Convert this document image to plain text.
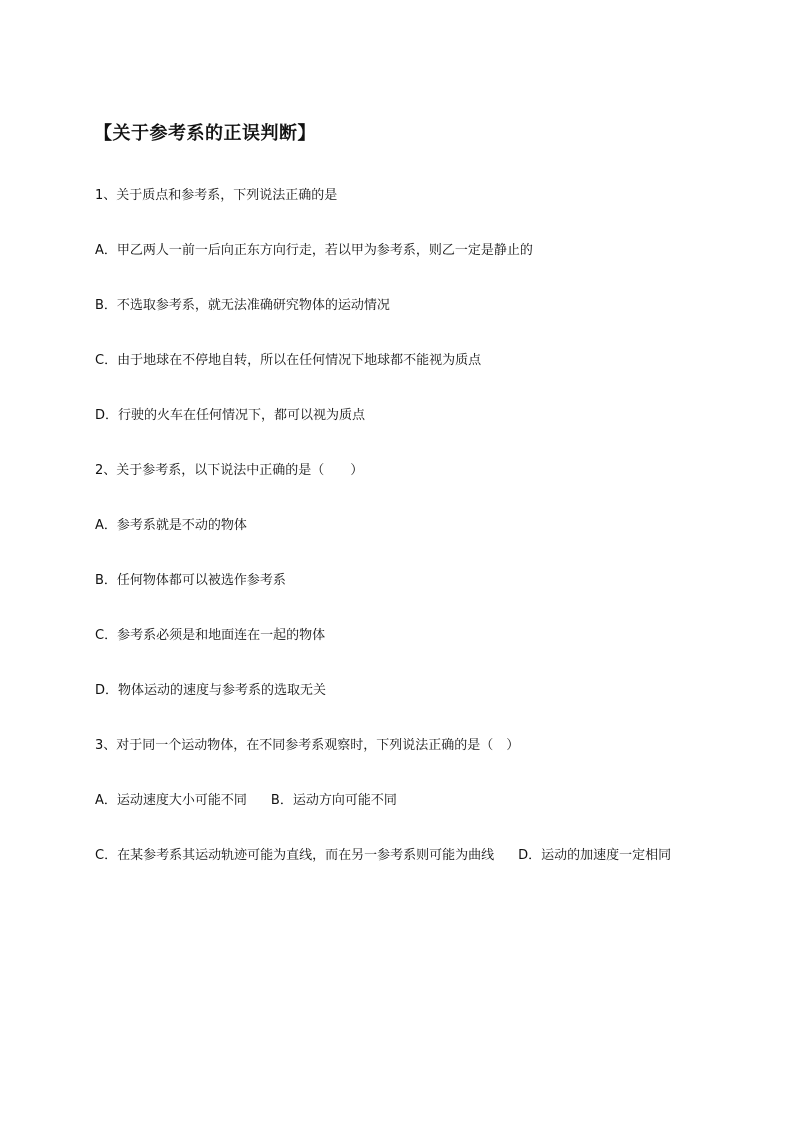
【关于参考系的正误判断】
1、关于质点和参考系，下列说法正确的是
A．甲乙两人一前一后向正东方向行走，若以甲为参考系，则乙一定是静止的
B．不选取参考系，就无法准确研究物体的运动情况
C．由于地球在不停地自转，所以在任何情况下地球都不能视为质点
D．行驶的火车在任何情况下，都可以视为质点
2、关于参考系，以下说法中正确的是（　　）
A．参考系就是不动的物体
B．任何物体都可以被选作参考系
C．参考系必须是和地面连在一起的物体
D．物体运动的速度与参考系的选取无关
3、对于同一个运动物体，在不同参考系观察时，下列说法正确的是（　）
A．运动速度大小可能不同 B．运动方向可能不同
C．在某参考系其运动轨迹可能为直线，而在另一参考系则可能为曲线 D．运动的加速度一定相同
